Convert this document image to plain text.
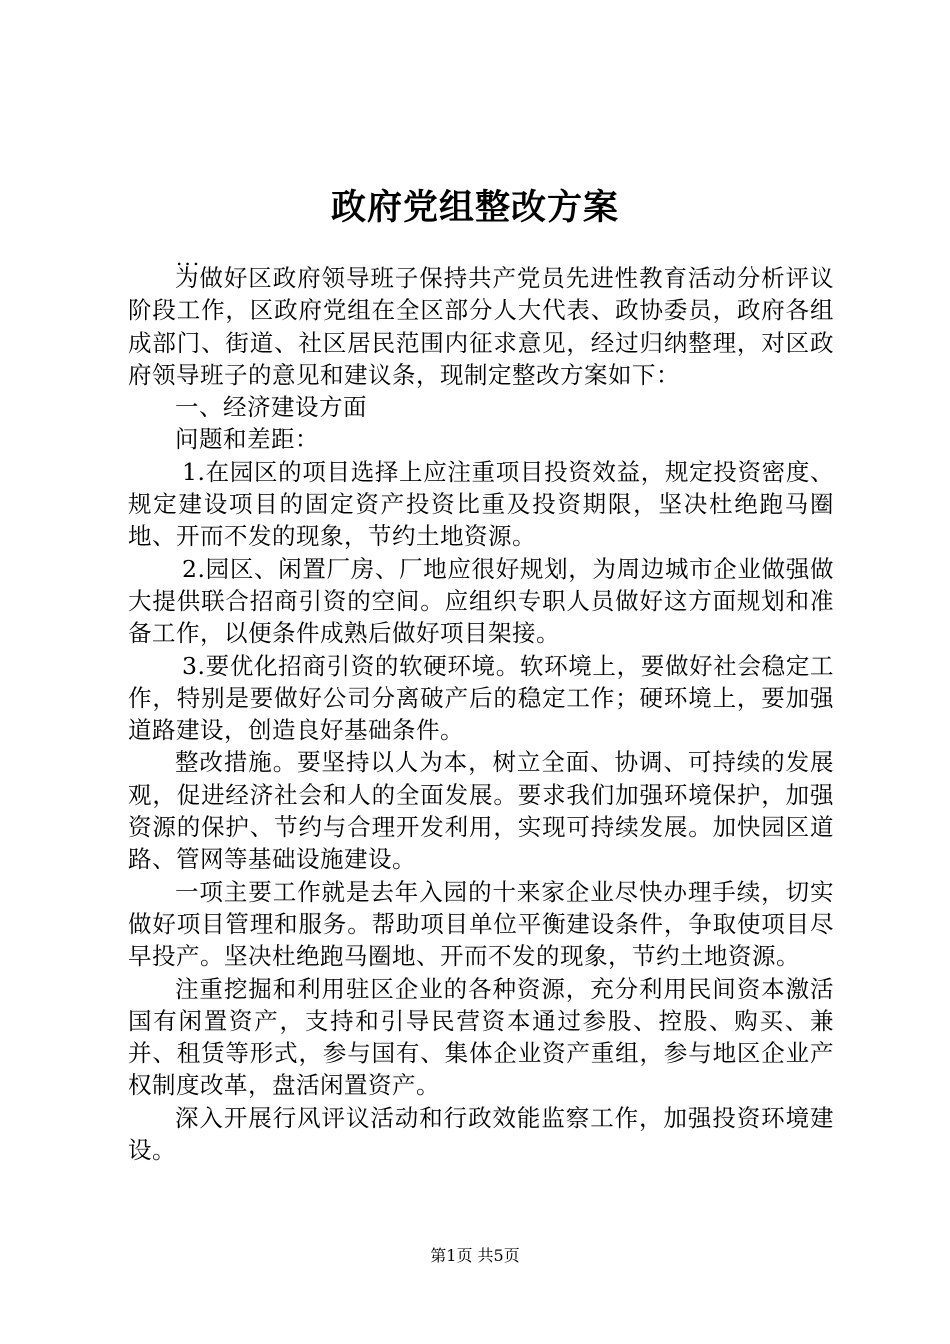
政府党组整改方案
...

为做好区政府领导班子保持共产党员先进性教育活动分析评议阶段工作，区政府党组在全区部分人大代表、政协委员，政府各组成部门、街道、社区居民范围内征求意见，经过归纳整理，对区政府领导班子的意见和建议条，现制定整改方案如下：

一、经济建设方面

问题和差距：

1.在园区的项目选择上应注重项目投资效益，规定投资密度、规定建设项目的固定资产投资比重及投资期限，坚决杜绝跑马圈地、开而不发的现象，节约土地资源。

2.园区、闲置厂房、厂地应很好规划，为周边城市企业做强做大提供联合招商引资的空间。应组织专职人员做好这方面规划和准备工作，以便条件成熟后做好项目架接。

3.要优化招商引资的软硬环境。软环境上，要做好社会稳定工作，特别是要做好公司分离破产后的稳定工作；硬环境上，要加强道路建设，创造良好基础条件。

整改措施。要坚持以人为本，树立全面、协调、可持续的发展观，促进经济社会和人的全面发展。要求我们加强环境保护，加强资源的保护、节约与合理开发利用，实现可持续发展。加快园区道路、管网等基础设施建设。

一项主要工作就是去年入园的十来家企业尽快办理手续，切实做好项目管理和服务。帮助项目单位平衡建设条件，争取使项目尽早投产。坚决杜绝跑马圈地、开而不发的现象，节约土地资源。

注重挖掘和利用驻区企业的各种资源，充分利用民间资本激活国有闲置资产，支持和引导民营资本通过参股、控股、购买、兼并、租赁等形式，参与国有、集体企业资产重组，参与地区企业产权制度改革，盘活闲置资产。

深入开展行风评议活动和行政效能监察工作，加强投资环境建设。

第1页 共5页
